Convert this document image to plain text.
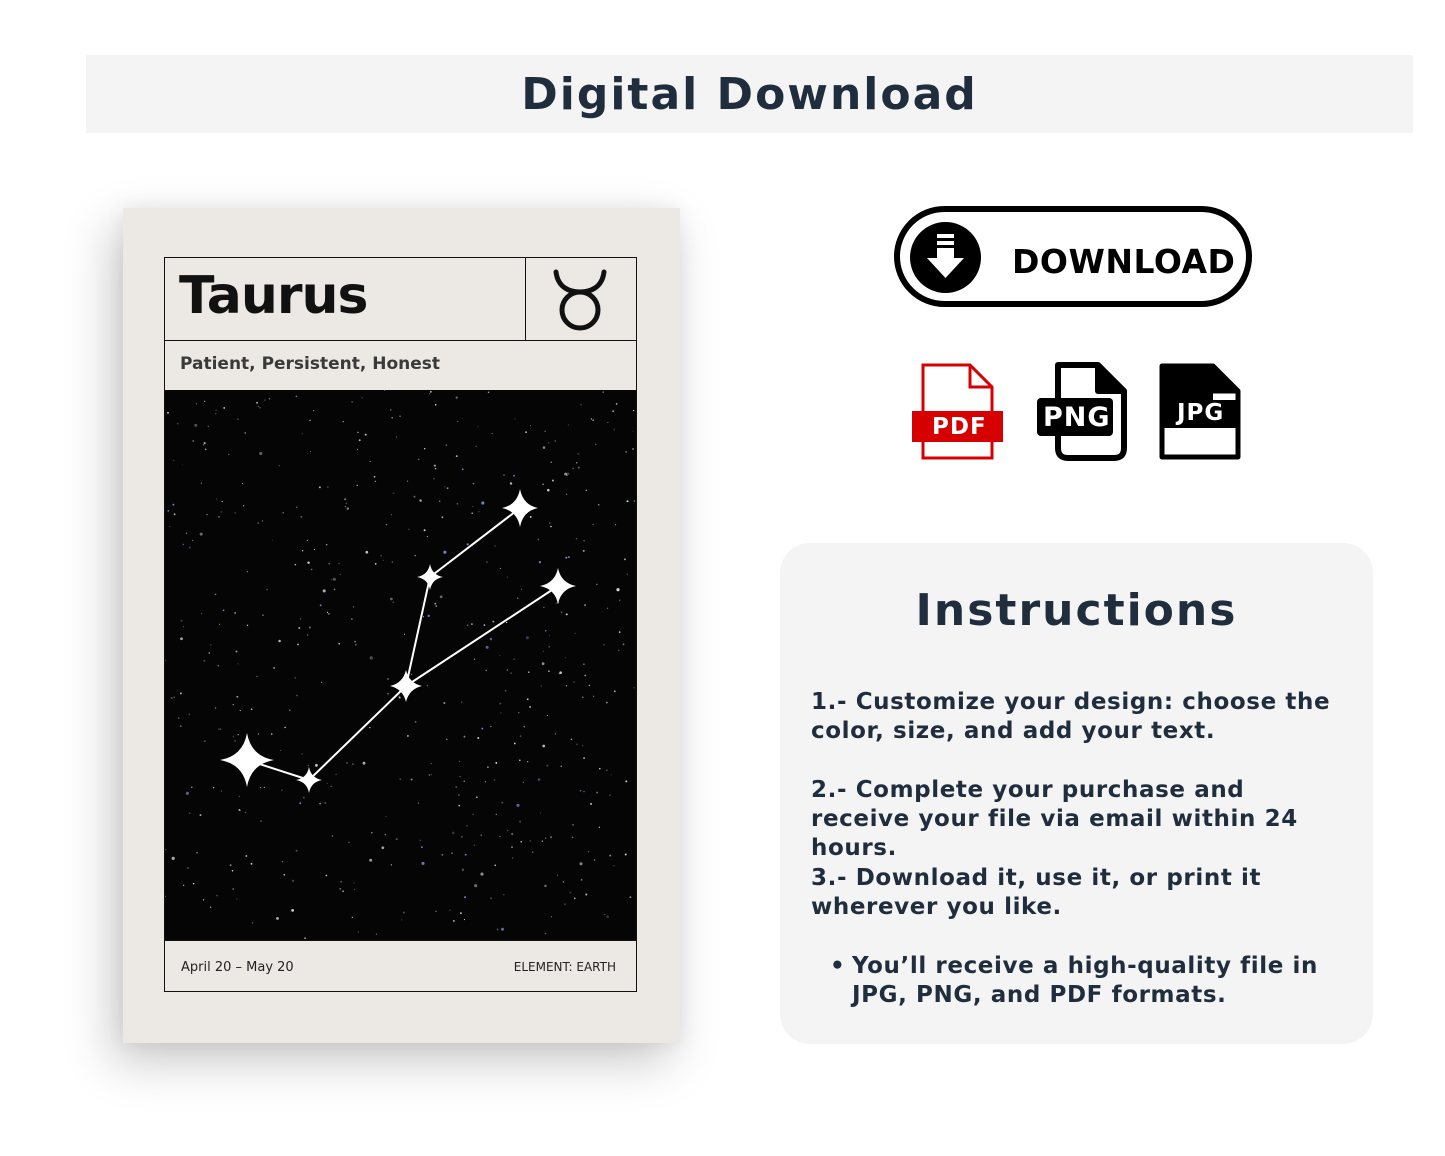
Digital Download
Taurus
Patient, Persistent, Honest
April 20 – May 20	ELEMENT: EARTH
DOWNLOAD
PDF PNG	JPG
Instructions
1.- Customize your design: choose the color, size, and add your text.
2.- Complete your purchase and receive your file via email within 24 hours.
3.- Download it, use it, or print it wherever you like.
• You’ll receive a high-quality file in JPG, PNG, and PDF formats.
